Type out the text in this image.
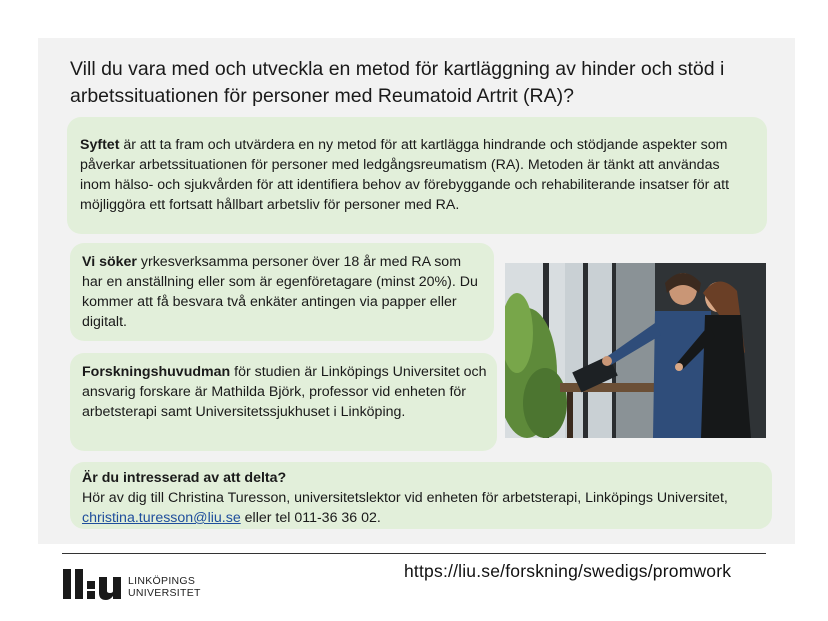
Vill du vara med och utveckla en metod för kartläggning av hinder och stöd i arbetssituationen för personer med Reumatoid Artrit (RA)?
Syftet är att ta fram och utvärdera en ny metod för att kartlägga hindrande och stödjande aspekter som påverkar arbetssituationen för personer med ledgångsreumatism (RA). Metoden är tänkt att användas inom hälso- och sjukvården för att identifiera behov av förebyggande och rehabiliterande insatser för att möjliggöra ett fortsatt hållbart arbetsliv för personer med RA.
Vi söker yrkesverksamma personer över 18 år med RA som har en anställning eller som är egenföretagare (minst 20%). Du kommer att få besvara två enkäter antingen via papper eller digitalt.
Forskningshuvudman för studien är Linköpings Universitet och ansvarig forskare är Mathilda Björk, professor vid enheten för arbetsterapi samt Universitetssjukhuset i Linköping.
Är du intresserad av att delta?
Hör av dig till Christina Turesson, universitetslektor vid enheten för arbetsterapi, Linköpings Universitet,
christina.turesson@liu.se eller tel 011-36 36 02.
LINKÖPINGS
UNIVERSITET
https://liu.se/forskning/swedigs/promwork
